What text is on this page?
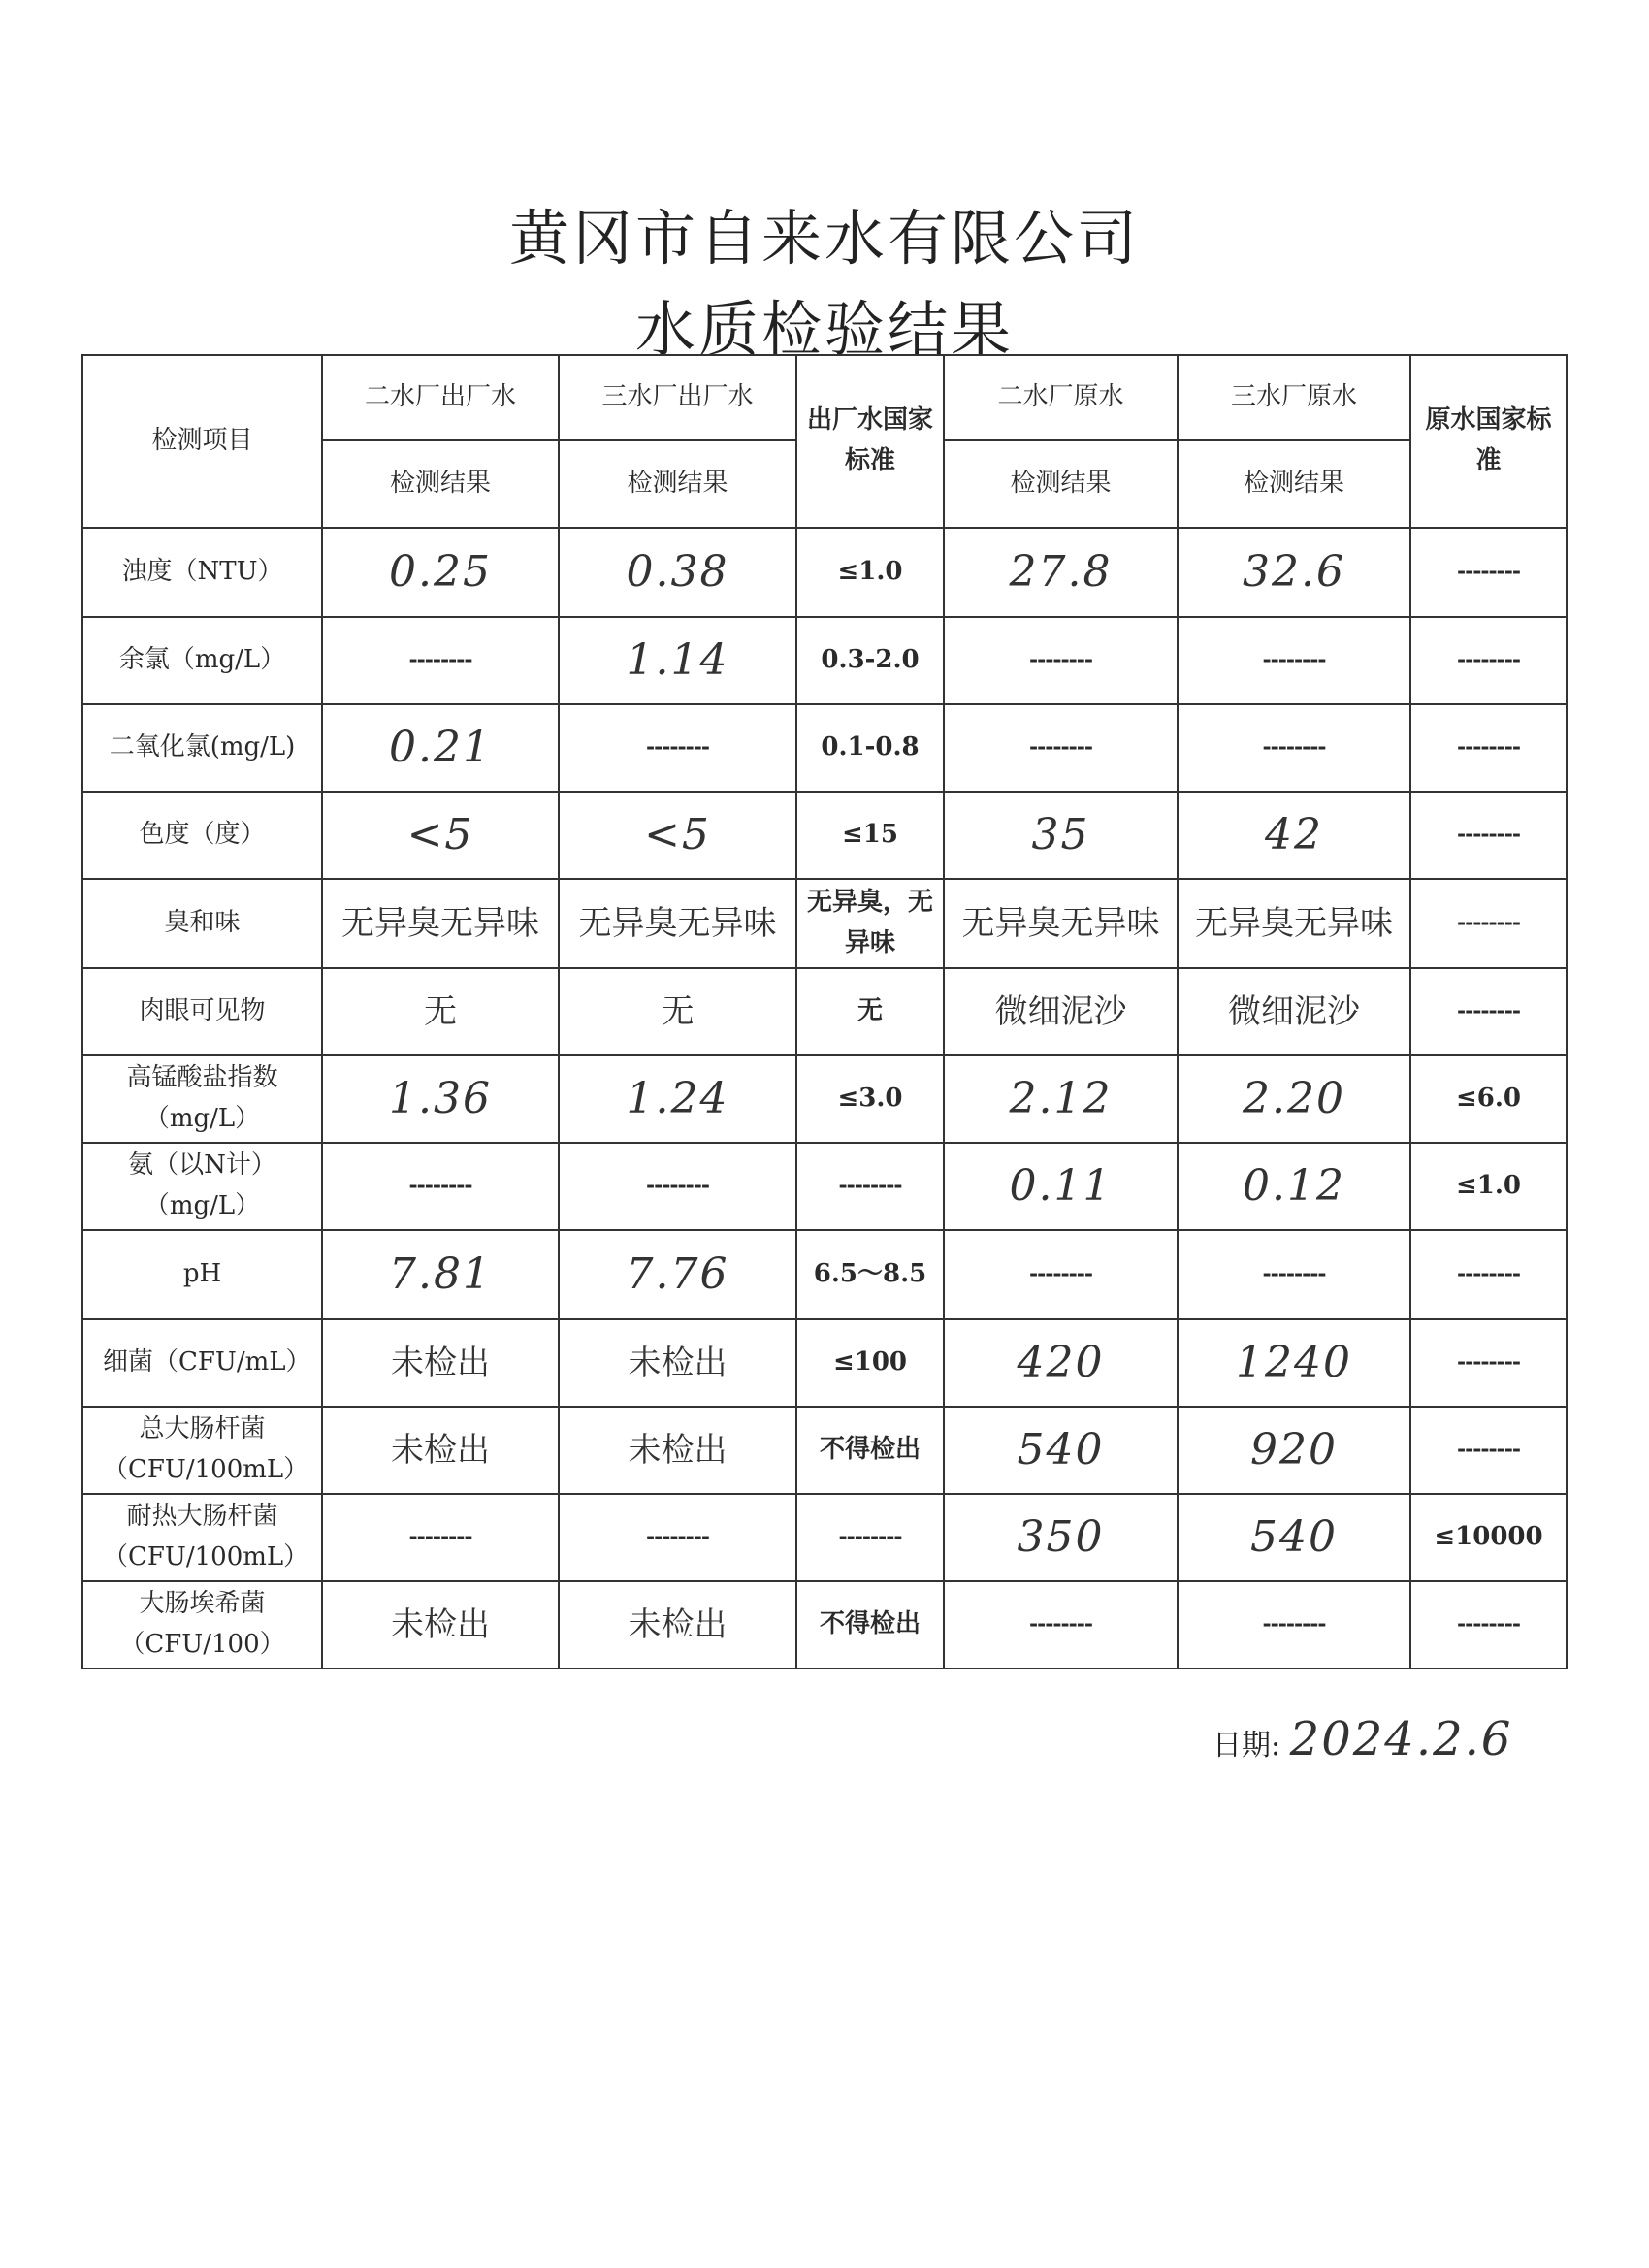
黄冈市自来水有限公司
水质检验结果
检测项目	二水厂出厂水	三水厂出厂水	出厂水国家标准	二水厂原水	三水厂原水	原水国家标准
	检测结果	检测结果		检测结果	检测结果	
浊度（NTU）	0.25	0.38	≤1.0	27.8	32.6	--------
余氯（mg/L）	--------	1.14	0.3-2.0	--------	--------	--------
二氧化氯(mg/L)	0.21	--------	0.1-0.8	--------	--------	--------
色度（度）	<5	<5	≤15	35	42	--------
臭和味	无异臭无异味	无异臭无异味	无异臭，无异味	无异臭无异味	无异臭无异味	--------
肉眼可见物	无	无	无	微细泥沙	微细泥沙	--------
高锰酸盐指数（mg/L）	1.36	1.24	≤3.0	2.12	2.20	≤6.0
氨（以N计）（mg/L）	--------	--------	--------	0.11	0.12	≤1.0
pH	7.81	7.76	6.5～8.5	--------	--------	--------
细菌（CFU/mL）	未检出	未检出	≤100	420	1240	--------
总大肠杆菌（CFU/100mL）	未检出	未检出	不得检出	540	920	--------
耐热大肠杆菌（CFU/100mL）	--------	--------	--------	350	540	≤10000
大肠埃希菌（CFU/100）	未检出	未检出	不得检出	--------	--------	--------
日期: 2024.2.6
